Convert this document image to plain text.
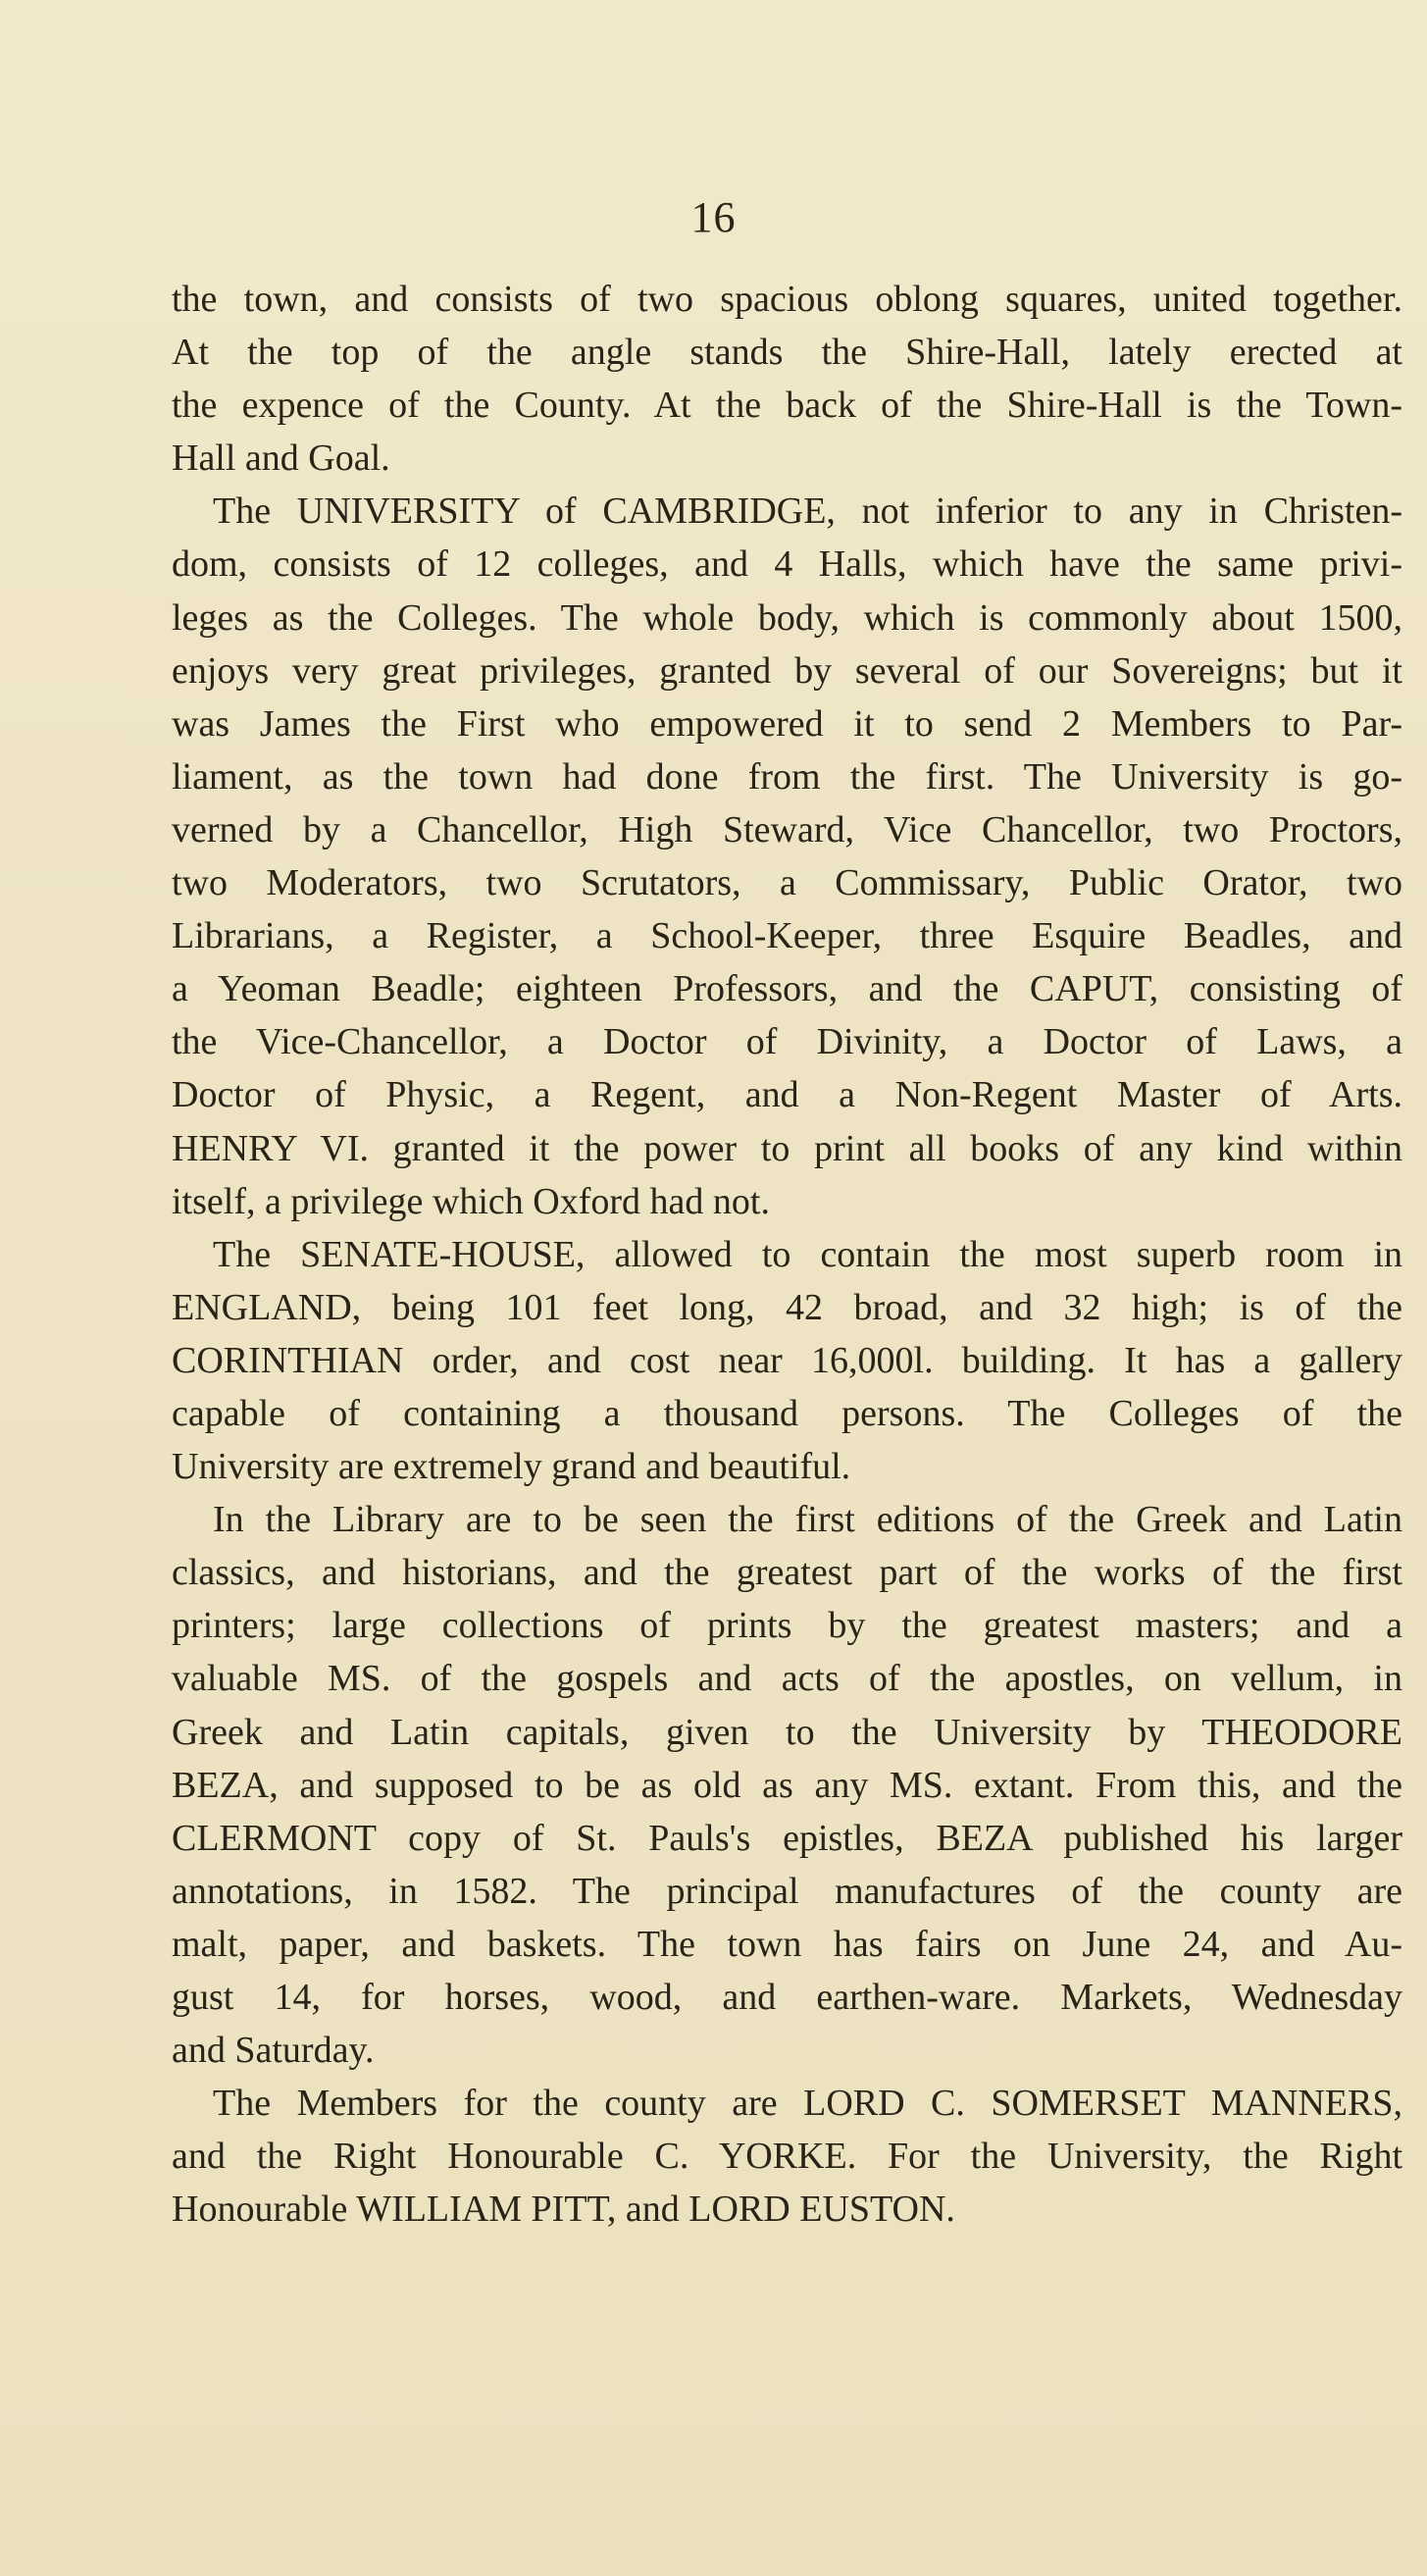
16
the town, and consists of two spacious oblong squares, united together.
At the top of the angle stands the Shire-Hall, lately erected at
the expence of the County. At the back of the Shire-Hall is the Town-
Hall and Goal.
The UNIVERSITY of CAMBRIDGE, not inferior to any in Christen-
dom, consists of 12 colleges, and 4 Halls, which have the same privi-
leges as the Colleges. The whole body, which is commonly about 1500,
enjoys very great privileges, granted by several of our Sovereigns; but it
was James the First who empowered it to send 2 Members to Par-
liament, as the town had done from the first. The University is go-
verned by a Chancellor, High Steward, Vice Chancellor, two Proctors,
two Moderators, two Scrutators, a Commissary, Public Orator, two
Librarians, a Register, a School-Keeper, three Esquire Beadles, and
a Yeoman Beadle; eighteen Professors, and the CAPUT, consisting of
the Vice-Chancellor, a Doctor of Divinity, a Doctor of Laws, a
Doctor of Physic, a Regent, and a Non-Regent Master of Arts.
HENRY VI. granted it the power to print all books of any kind within
itself, a privilege which Oxford had not.
The SENATE-HOUSE, allowed to contain the most superb room in
ENGLAND, being 101 feet long, 42 broad, and 32 high; is of the
CORINTHIAN order, and cost near 16,000l. building. It has a gallery
capable of containing a thousand persons. The Colleges of the
University are extremely grand and beautiful.
In the Library are to be seen the first editions of the Greek and Latin
classics, and historians, and the greatest part of the works of the first
printers; large collections of prints by the greatest masters; and a
valuable MS. of the gospels and acts of the apostles, on vellum, in
Greek and Latin capitals, given to the University by THEODORE
BEZA, and supposed to be as old as any MS. extant. From this, and the
CLERMONT copy of St. Pauls's epistles, BEZA published his larger
annotations, in 1582. The principal manufactures of the county are
malt, paper, and baskets. The town has fairs on June 24, and Au-
gust 14, for horses, wood, and earthen-ware. Markets, Wednesday
and Saturday.
The Members for the county are LORD C. SOMERSET MANNERS,
and the Right Honourable C. YORKE. For the University, the Right
Honourable WILLIAM PITT, and LORD EUSTON.
